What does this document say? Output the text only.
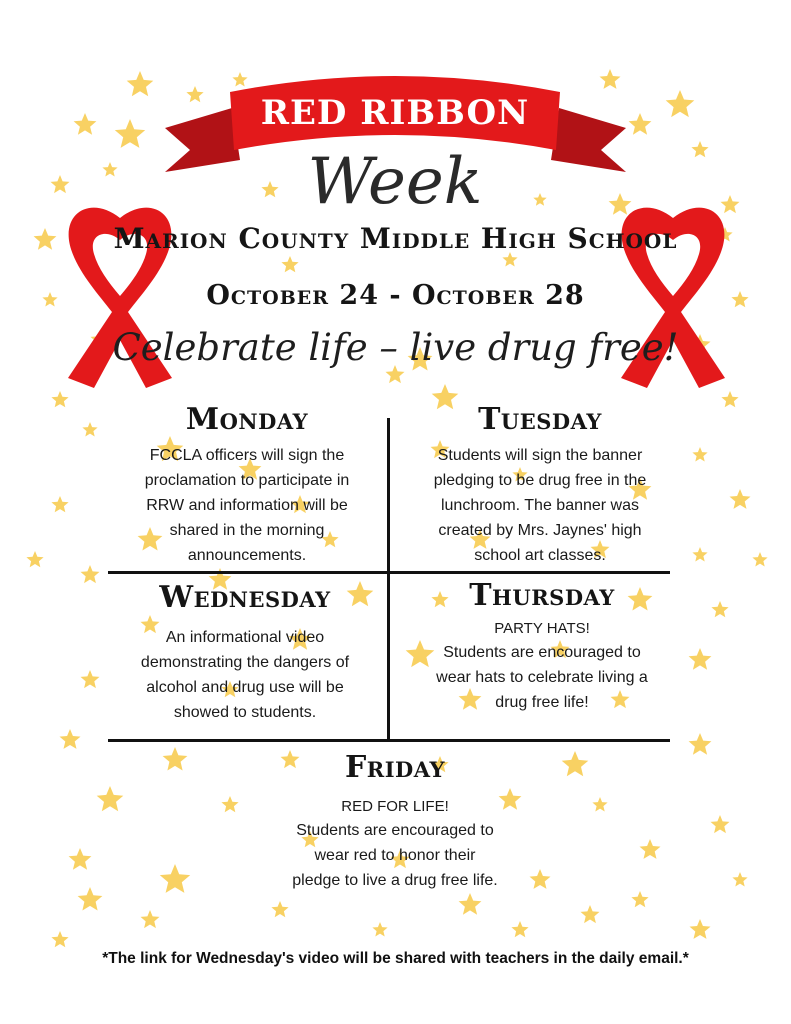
RED RIBBON
Week
Marion County Middle High School
October 24 - October 28
Celebrate life – live drug free!
Monday
FCCLA officers will sign the
proclamation to participate in
RRW and information will be
shared in the morning
announcements.
Tuesday
Students will sign the banner
pledging to be drug free in the
lunchroom. The banner was
created by Mrs. Jaynes' high
school art classes.
Wednesday
An informational video
demonstrating the dangers of
alcohol and drug use will be
showed to students.
Thursday
PARTY HATS!
Students are encouraged to
wear hats to celebrate living a
drug free life!
Friday
RED FOR LIFE!
Students are encouraged to
wear red to honor their
pledge to live a drug free life.
*The link for Wednesday's video will be shared with teachers in the daily email.*
